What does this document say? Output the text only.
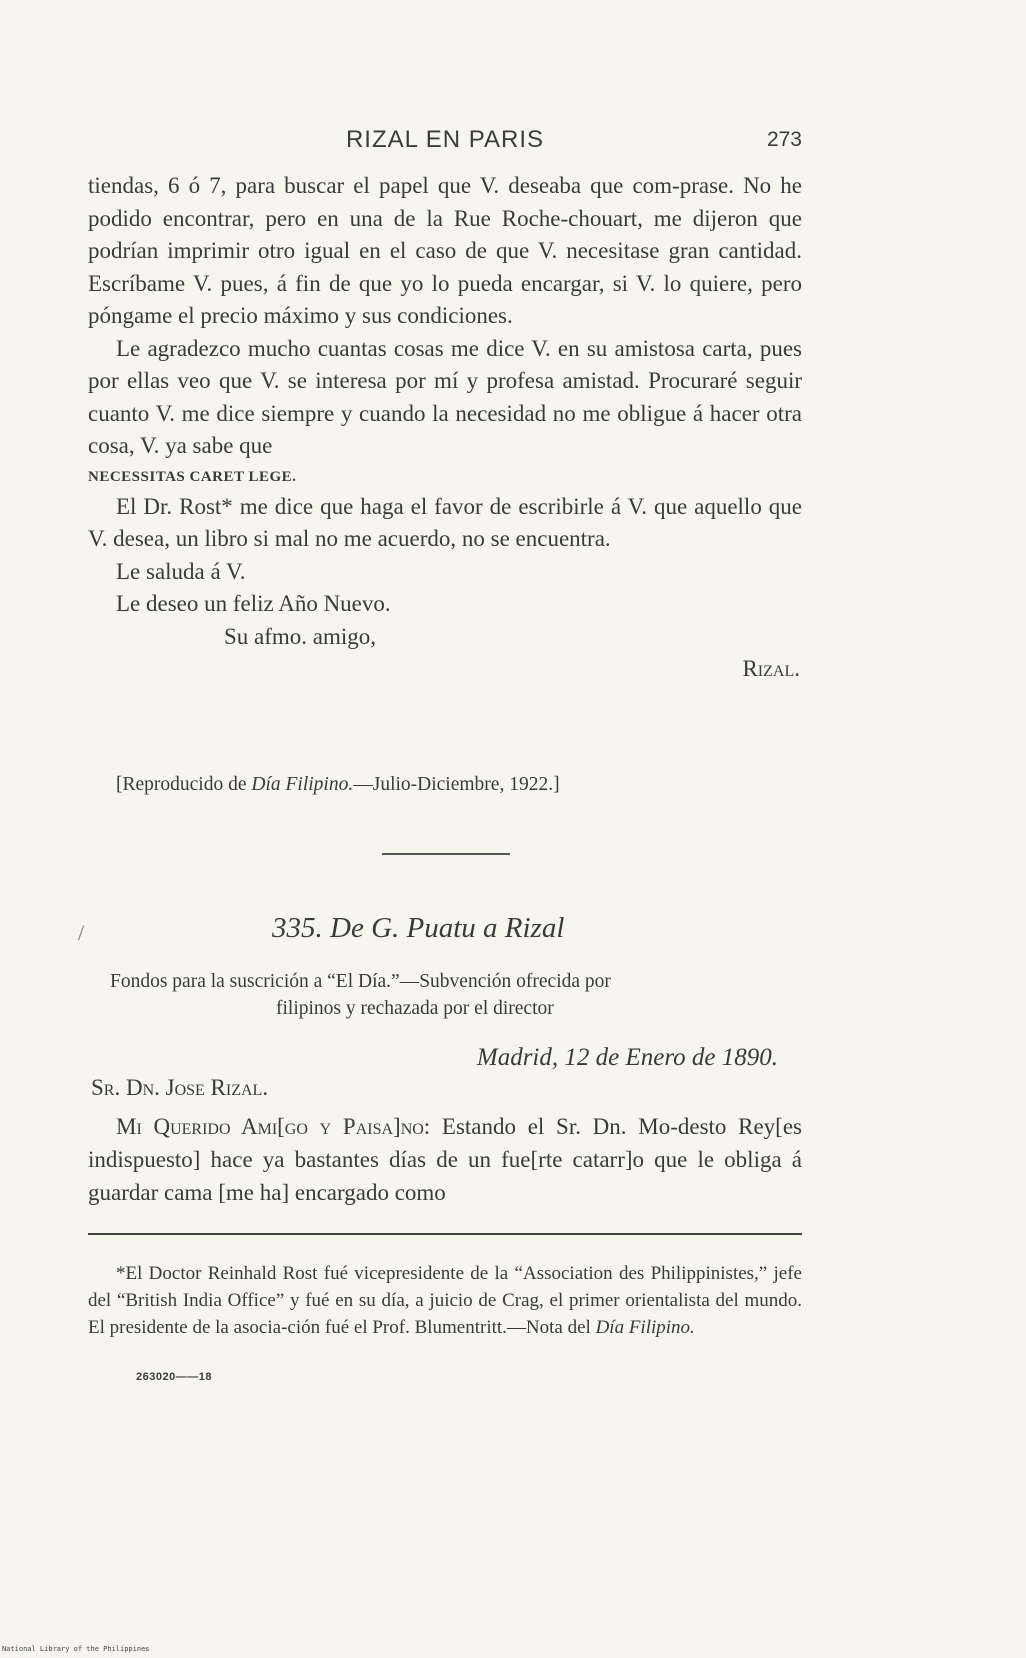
RIZAL EN PARIS	273

tiendas, 6 ó 7, para buscar el papel que V. deseaba que com-prase. No he podido encontrar, pero en una de la Rue Roche-chouart, me dijeron que podrían imprimir otro igual en el caso de que V. necesitase gran cantidad. Escríbame V. pues, á fin de que yo lo pueda encargar, si V. lo quiere, pero póngame el precio máximo y sus condiciones.

Le agradezco mucho cuantas cosas me dice V. en su amistosa carta, pues por ellas veo que V. se interesa por mí y profesa amistad. Procuraré seguir cuanto V. me dice siempre y cuando la necesidad no me obligue á hacer otra cosa, V. ya sabe que

NECESSITAS CARET LEGE.

El Dr. Rost* me dice que haga el favor de escribirle á V. que aquello que V. desea, un libro si mal no me acuerdo, no se encuentra.

Le saluda á V.

Le deseo un feliz Año Nuevo.

Su afmo. amigo,

Rizal.

[Reproducido de Día Filipino.—Julio-Diciembre, 1922.]
/	335. De G. Puatu a Rizal
Fondos para la suscrición a “El Día.”—Subvención ofrecida por
filipinos y rechazada por el director
Madrid, 12 de Enero de 1890.
Sr. Dn. Jose Rizal.

Mi Querido Ami[go y Paisa]no: Estando el Sr. Dn. Mo-desto Rey[es indispuesto] hace ya bastantes días de un fue[rte catarr]o que le obliga á guardar cama [me ha] encargado como

*El Doctor Reinhald Rost fué vicepresidente de la “Association des Philippinistes,” jefe del “British India Office” y fué en su día, a juicio de Crag, el primer orientalista del mundo. El presidente de la asocia-ción fué el Prof. Blumentritt.—Nota del Día Filipino.

263020——18
National Library of the Philippines
